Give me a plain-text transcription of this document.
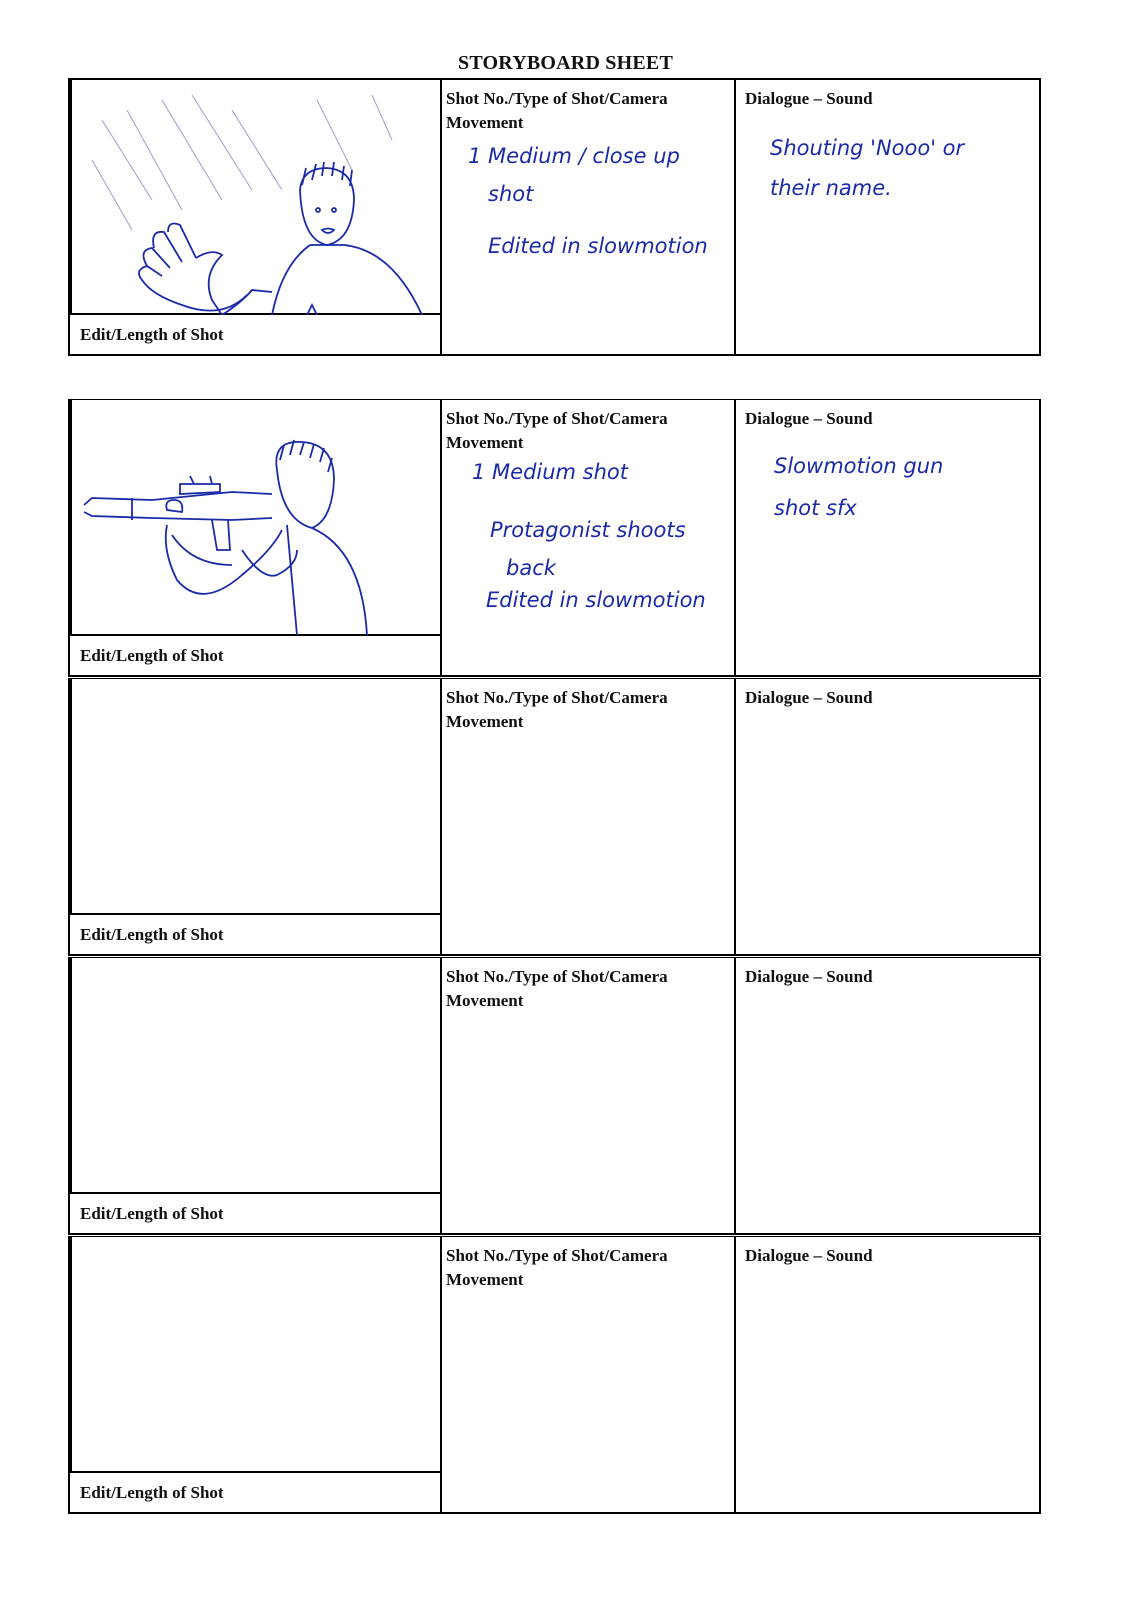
STORYBOARD SHEET
Edit/Length of Shot
Shot No./Type of Shot/Camera Movement
1 Medium / close up
shot
Edited in slowmotion
Dialogue – Sound
Shouting 'Nooo' or
their name.
Edit/Length of Shot
Shot No./Type of Shot/Camera Movement
1 Medium shot
Protagonist shoots
back
Edited in slowmotion
Dialogue – Sound
Slowmotion gun
shot sfx
Edit/Length of Shot
Shot No./Type of Shot/Camera Movement
Dialogue – Sound
Edit/Length of Shot
Shot No./Type of Shot/Camera Movement
Dialogue – Sound
Edit/Length of Shot
Shot No./Type of Shot/Camera Movement
Dialogue – Sound
